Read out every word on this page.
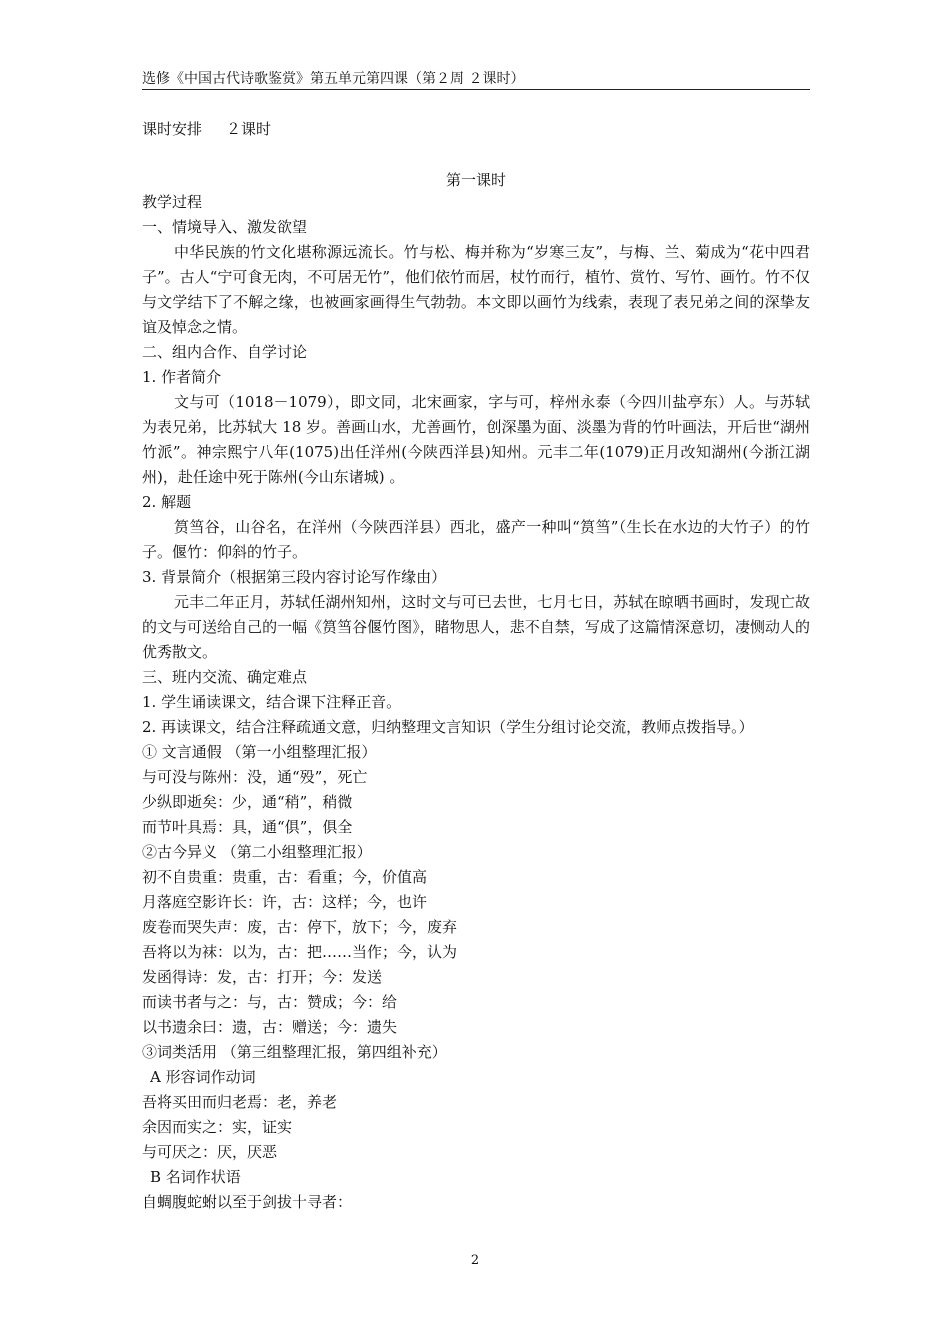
选修《中国古代诗歌鉴赏》第五单元第四课（第２周 ２课时）
课时安排 ２课时
第一课时

教学过程

一、情境导入、激发欲望

中华民族的竹文化堪称源远流长。竹与松、梅并称为“岁寒三友”，与梅、兰、菊成为“花中四君子”。古人“宁可食无肉，不可居无竹”，他们依竹而居，杖竹而行，植竹、赏竹、写竹、画竹。竹不仅与文学结下了不解之缘，也被画家画得生气勃勃。本文即以画竹为线索，表现了表兄弟之间的深挚友谊及悼念之情。

二、组内合作、自学讨论

1. 作者简介

文与可（1018－1079），即文同，北宋画家，字与可，梓州永泰（今四川盐亭东）人。与苏轼为表兄弟，比苏轼大 18 岁。善画山水，尤善画竹，创深墨为面、淡墨为背的竹叶画法，开后世“湖州竹派”。神宗熙宁八年(1075)出任洋州(今陕西洋县)知州。元丰二年(1079)正月改知湖州(今浙江湖州)，赴任途中死于陈州(今山东诸城) 。

2. 解题

筼筜谷，山谷名，在洋州（今陕西洋县）西北，盛产一种叫“筼筜”（生长在水边的大竹子）的竹子。偃竹：仰斜的竹子。

3. 背景简介（根据第三段内容讨论写作缘由）

元丰二年正月，苏轼任湖州知州，这时文与可已去世，七月七日，苏轼在晾晒书画时，发现亡故的文与可送给自己的一幅《筼筜谷偃竹图》，睹物思人，悲不自禁，写成了这篇情深意切，凄恻动人的优秀散文。

三、班内交流、确定难点

1. 学生诵读课文，结合课下注释正音。

2. 再读课文，结合注释疏通文意，归纳整理文言知识（学生分组讨论交流，教师点拨指导。）

① 文言通假 （第一小组整理汇报）

与可没与陈州：没，通“殁”，死亡

少纵即逝矣：少，通“稍”，稍微

而节叶具焉：具，通“俱”，俱全

②古今异义 （第二小组整理汇报）

初不自贵重：贵重，古：看重；今，价值高

月落庭空影许长：许，古：这样；今，也许

废卷而哭失声：废，古：停下，放下；今，废弃

吾将以为袜：以为，古：把……当作；今，认为

发函得诗：发，古：打开；今：发送

而读书者与之：与，古：赞成；今：给

以书遗余曰：遗，古：赠送；今：遗失

③词类活用 （第三组整理汇报，第四组补充）

A 形容词作动词

吾将买田而归老焉：老，养老

余因而实之：实，证实

与可厌之：厌，厌恶

B 名词作状语

自蜩腹蛇蚹以至于剑拔十寻者：

2
